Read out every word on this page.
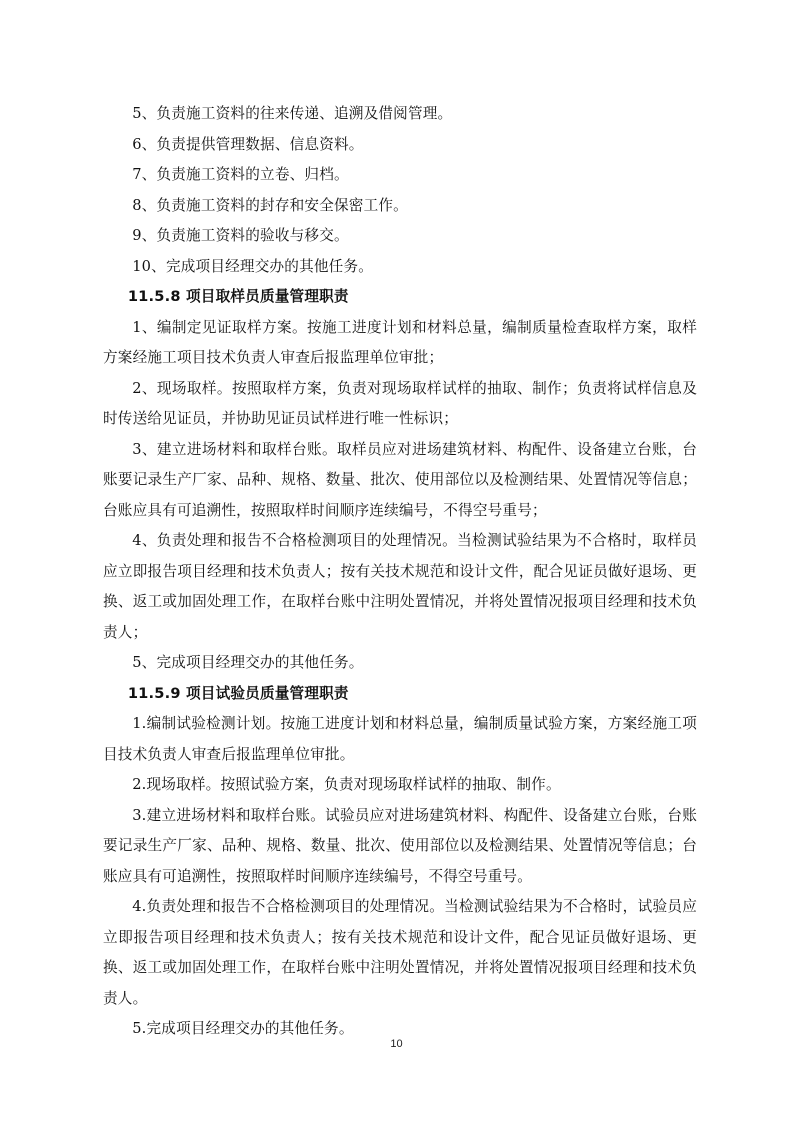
5、负责施工资料的往来传递、追溯及借阅管理。

6、负责提供管理数据、信息资料。

7、负责施工资料的立卷、归档。

8、负责施工资料的封存和安全保密工作。

9、负责施工资料的验收与移交。

10、完成项目经理交办的其他任务。

11.5.8 项目取样员质量管理职责

1、编制定见证取样方案。按施工进度计划和材料总量，编制质量检查取样方案，取样方案经施工项目技术负责人审查后报监理单位审批；

2、现场取样。按照取样方案，负责对现场取样试样的抽取、制作；负责将试样信息及时传送给见证员，并协助见证员试样进行唯一性标识；

3、建立进场材料和取样台账。取样员应对进场建筑材料、构配件、设备建立台账，台账要记录生产厂家、品种、规格、数量、批次、使用部位以及检测结果、处置情况等信息；台账应具有可追溯性，按照取样时间顺序连续编号，不得空号重号；

4、负责处理和报告不合格检测项目的处理情况。当检测试验结果为不合格时，取样员应立即报告项目经理和技术负责人；按有关技术规范和设计文件，配合见证员做好退场、更换、返工或加固处理工作，在取样台账中注明处置情况，并将处置情况报项目经理和技术负责人；

5、完成项目经理交办的其他任务。

11.5.9 项目试验员质量管理职责

1.编制试验检测计划。按施工进度计划和材料总量，编制质量试验方案，方案经施工项目技术负责人审查后报监理单位审批。

2.现场取样。按照试验方案，负责对现场取样试样的抽取、制作。

3.建立进场材料和取样台账。试验员应对进场建筑材料、构配件、设备建立台账，台账要记录生产厂家、品种、规格、数量、批次、使用部位以及检测结果、处置情况等信息；台账应具有可追溯性，按照取样时间顺序连续编号，不得空号重号。

4.负责处理和报告不合格检测项目的处理情况。当检测试验结果为不合格时，试验员应立即报告项目经理和技术负责人；按有关技术规范和设计文件，配合见证员做好退场、更换、返工或加固处理工作，在取样台账中注明处置情况，并将处置情况报项目经理和技术负责人。

5.完成项目经理交办的其他任务。

10
